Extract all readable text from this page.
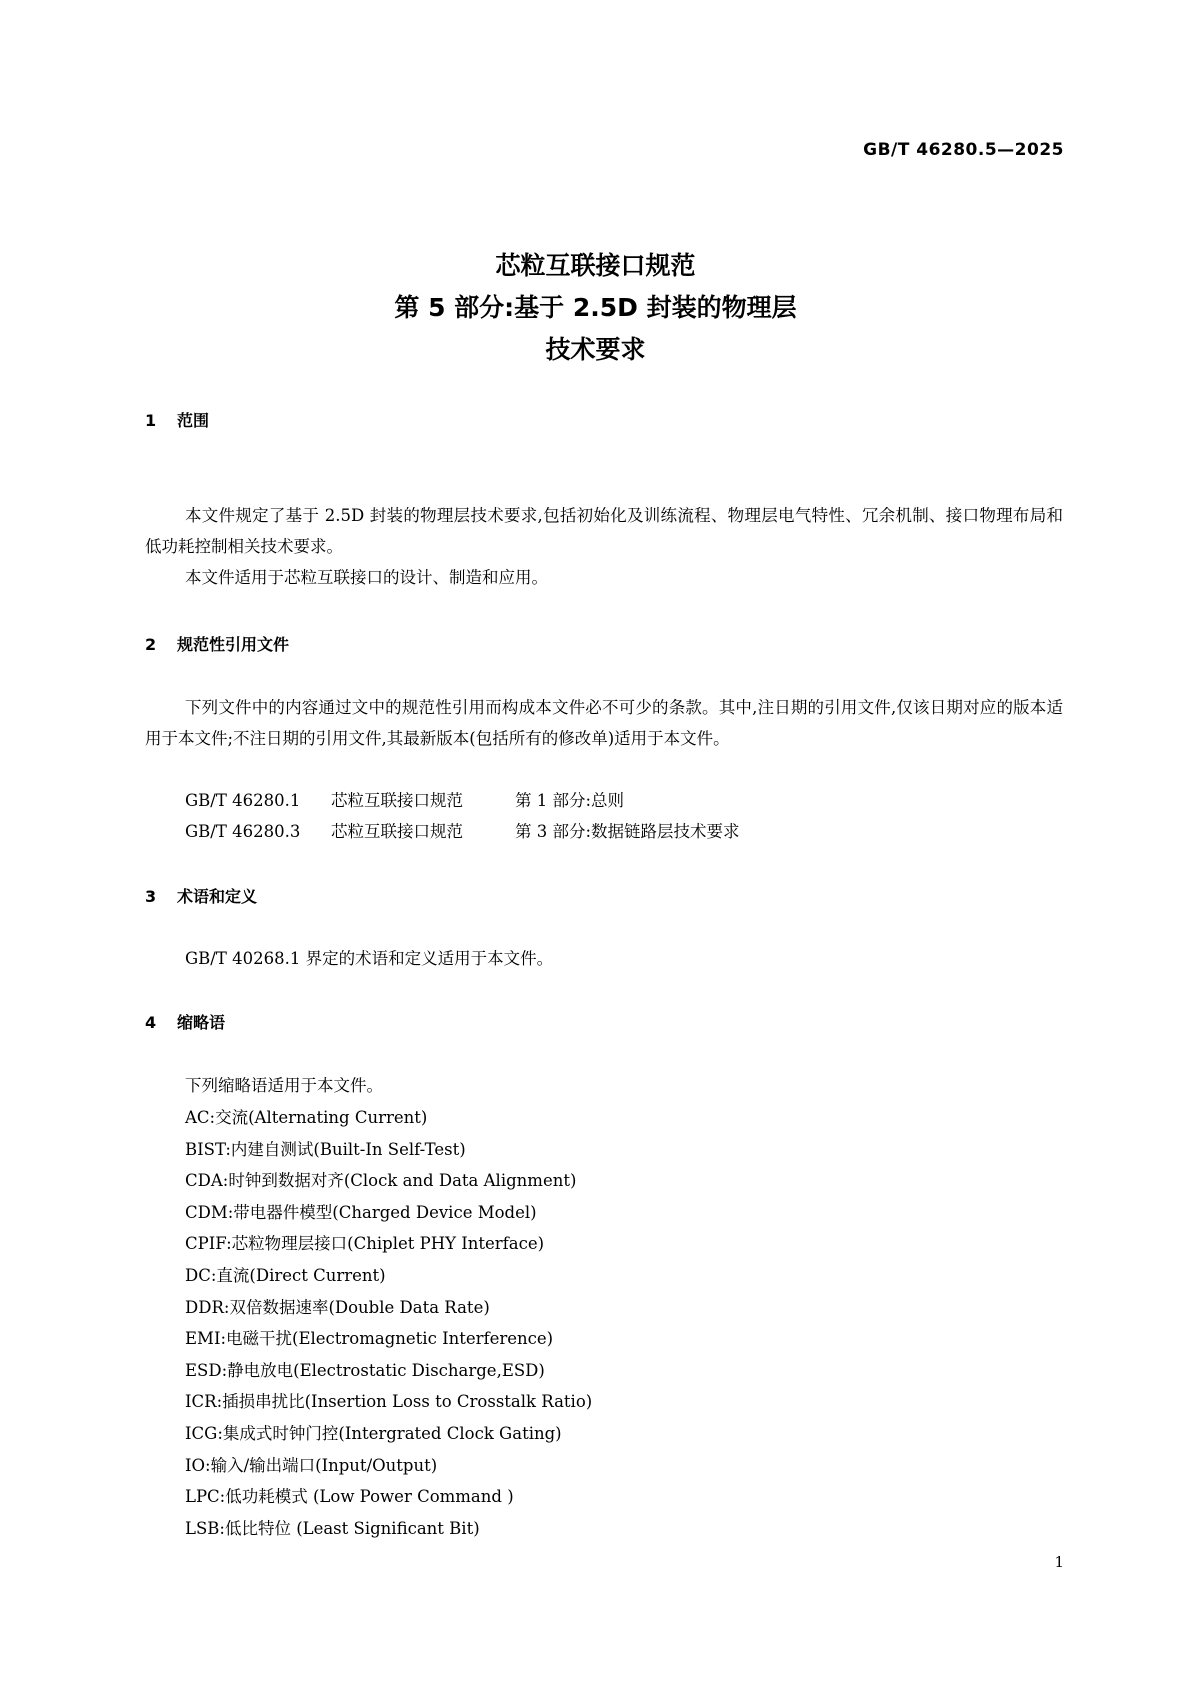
GB/T 46280.5—2025
芯粒互联接口规范
第 5 部分:基于 2.5D 封装的物理层
技术要求
1 范围
本文件规定了基于 2.5D 封装的物理层技术要求,包括初始化及训练流程、物理层电气特性、冗余机制、接口物理布局和低功耗控制相关技术要求。
本文件适用于芯粒互联接口的设计、制造和应用。
2 规范性引用文件
下列文件中的内容通过文中的规范性引用而构成本文件必不可少的条款。其中,注日期的引用文件,仅该日期对应的版本适用于本文件;不注日期的引用文件,其最新版本(包括所有的修改单)适用于本文件。
GB/T 46280.1 芯粒互联接口规范	第 1 部分:总则
GB/T 46280.3 芯粒互联接口规范	第 3 部分:数据链路层技术要求
3 术语和定义
GB/T 40268.1 界定的术语和定义适用于本文件。
4 缩略语
下列缩略语适用于本文件。
AC:交流(Alternating Current)
BIST:内建自测试(Built-In Self-Test)
CDA:时钟到数据对齐(Clock and Data Alignment)
CDM:带电器件模型(Charged Device Model)
CPIF:芯粒物理层接口(Chiplet PHY Interface)
DC:直流(Direct Current)
DDR:双倍数据速率(Double Data Rate)
EMI:电磁干扰(Electromagnetic Interference)
ESD:静电放电(Electrostatic Discharge,ESD)
ICR:插损串扰比(Insertion Loss to Crosstalk Ratio)
ICG:集成式时钟门控(Intergrated Clock Gating)
IO:输入/输出端口(Input/Output)
LPC:低功耗模式 (Low Power Command )
LSB:低比特位 (Least Significant Bit)
1
